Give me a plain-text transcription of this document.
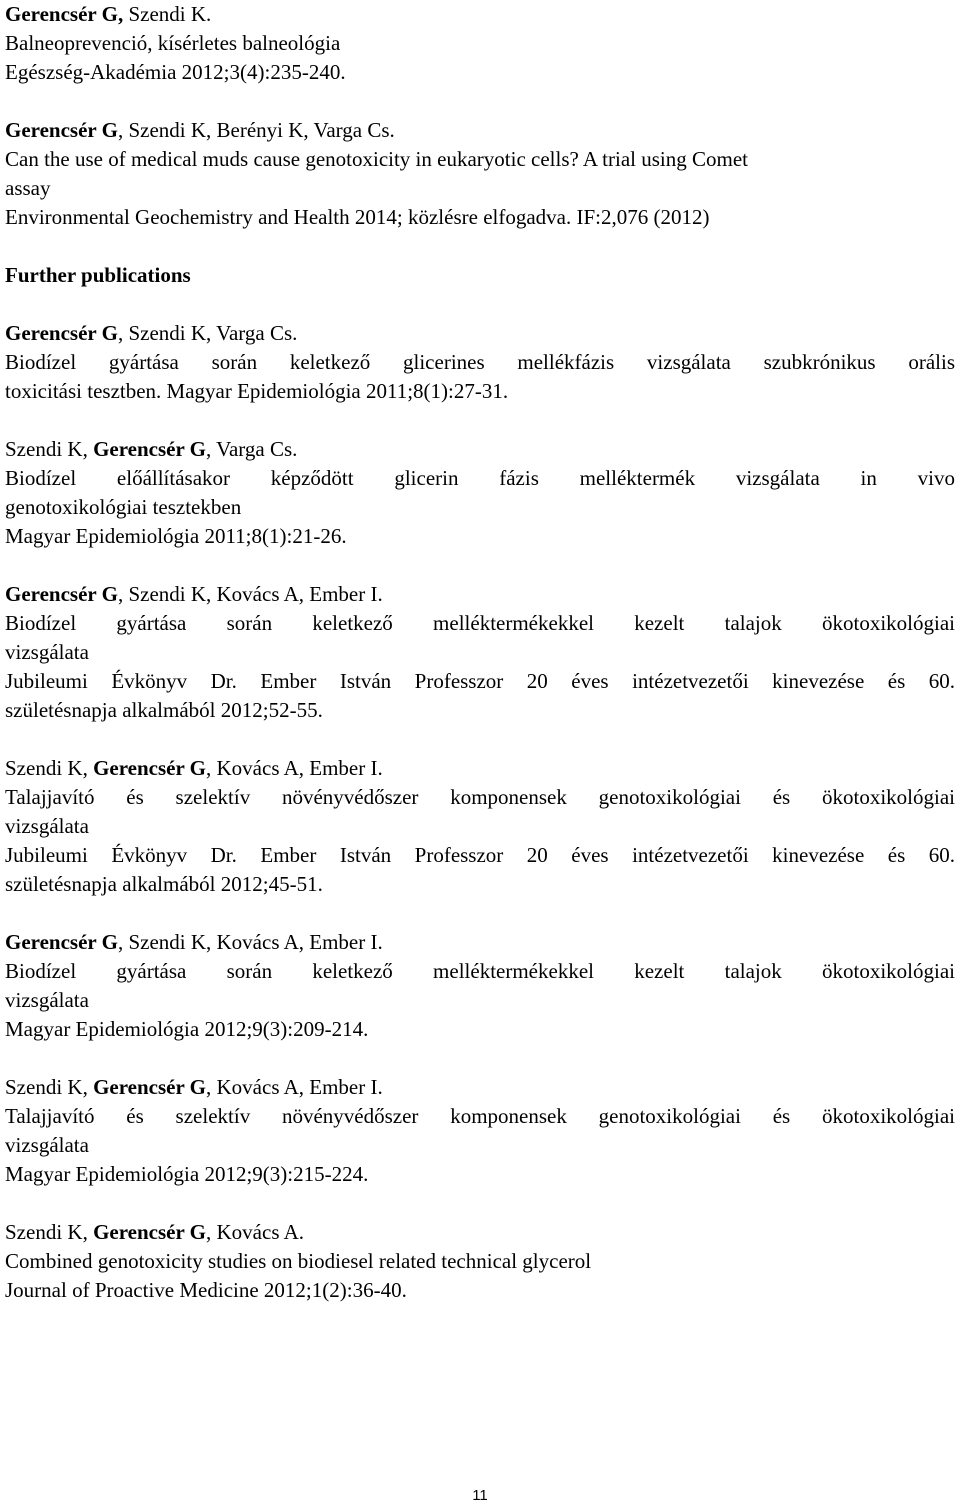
Gerencsér G, Szendi K.
Balneoprevenció, kísérletes balneológia
Egészség-Akadémia 2012;3(4):235-240.
Gerencsér G, Szendi K, Berényi K, Varga Cs.
Can the use of medical muds cause genotoxicity in eukaryotic cells? A trial using Comet
assay
Environmental Geochemistry and Health 2014; közlésre elfogadva. IF:2,076 (2012)
Further publications
Gerencsér G, Szendi K, Varga Cs.
Biodízel gyártása során keletkező glicerines mellékfázis vizsgálata szubkrónikus orális
toxicitási tesztben. Magyar Epidemiológia 2011;8(1):27-31.
Szendi K, Gerencsér G, Varga Cs.
Biodízel előállításakor képződött glicerin fázis melléktermék vizsgálata in vivo
genotoxikológiai tesztekben
Magyar Epidemiológia 2011;8(1):21-26.
Gerencsér G, Szendi K, Kovács A, Ember I.
Biodízel gyártása során keletkező melléktermékekkel kezelt talajok ökotoxikológiai
vizsgálata
Jubileumi Évkönyv Dr. Ember István Professzor 20 éves intézetvezetői kinevezése és 60.
születésnapja alkalmából 2012;52-55.
Szendi K, Gerencsér G, Kovács A, Ember I.
Talajjavító és szelektív növényvédőszer komponensek genotoxikológiai és ökotoxikológiai
vizsgálata
Jubileumi Évkönyv Dr. Ember István Professzor 20 éves intézetvezetői kinevezése és 60.
születésnapja alkalmából 2012;45-51.
Gerencsér G, Szendi K, Kovács A, Ember I.
Biodízel gyártása során keletkező melléktermékekkel kezelt talajok ökotoxikológiai
vizsgálata
Magyar Epidemiológia 2012;9(3):209-214.
Szendi K, Gerencsér G, Kovács A, Ember I.
Talajjavító és szelektív növényvédőszer komponensek genotoxikológiai és ökotoxikológiai
vizsgálata
Magyar Epidemiológia 2012;9(3):215-224.
Szendi K, Gerencsér G, Kovács A.
Combined genotoxicity studies on biodiesel related technical glycerol
Journal of Proactive Medicine 2012;1(2):36-40.
11
